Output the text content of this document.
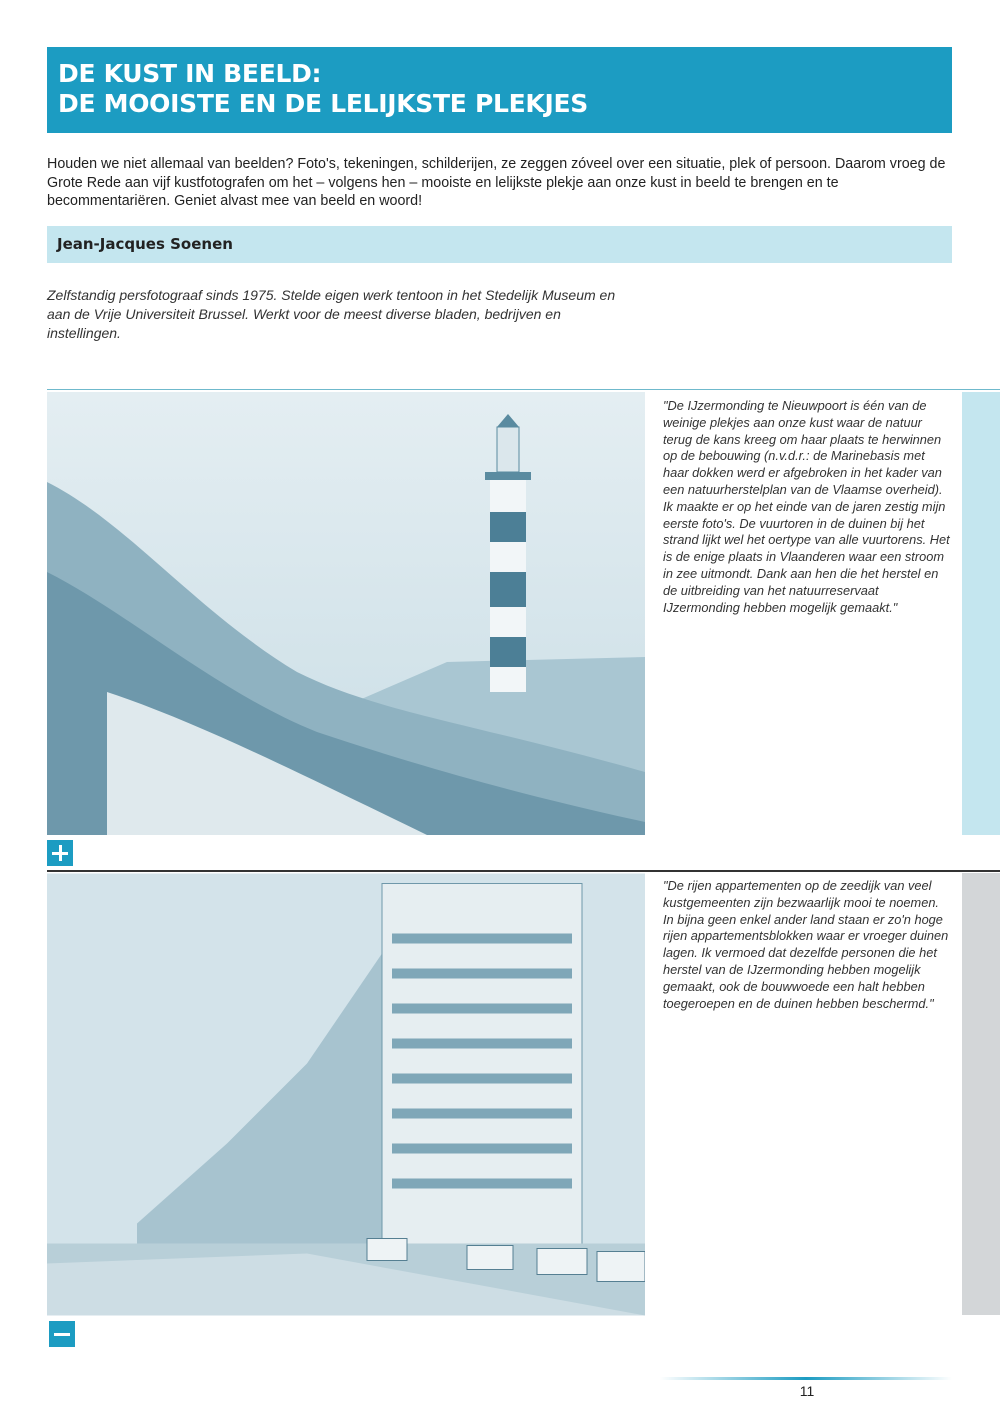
DE KUST IN BEELD:
DE MOOISTE EN DE LELIJKSTE PLEKJES
Houden we niet allemaal van beelden? Foto's, tekeningen, schilderijen, ze zeggen zóveel over een situatie, plek of persoon. Daarom vroeg de Grote Rede aan vijf kustfotografen om het – volgens hen – mooiste en lelijkste plekje aan onze kust in beeld te brengen en te becommentariëren. Geniet alvast mee van beeld en woord!
Jean-Jacques Soenen
Zelfstandig persfotograaf sinds 1975. Stelde eigen werk tentoon in het Stedelijk Museum en aan de Vrije Universiteit Brussel. Werkt voor de meest diverse bladen, bedrijven en instellingen.
"De IJzermonding te Nieuwpoort is één van de weinige plekjes aan onze kust waar de natuur terug de kans kreeg om haar plaats te herwinnen op de bebouwing (n.v.d.r.: de Marinebasis met haar dokken werd er afgebroken in het kader van een natuurherstelplan van de Vlaamse overheid). Ik maakte er op het einde van de jaren zestig mijn eerste foto's. De vuurtoren in de duinen bij het strand lijkt wel het oertype van alle vuurtorens. Het is de enige plaats in Vlaanderen waar een stroom in zee uitmondt. Dank aan hen die het herstel en de uitbreiding van het natuurreservaat IJzermonding hebben mogelijk gemaakt."
"De rijen appartementen op de zeedijk van veel kustgemeenten zijn bezwaarlijk mooi te noemen. In bijna geen enkel ander land staan er zo'n hoge rijen appartementsblokken waar er vroeger duinen lagen. Ik vermoed dat dezelfde personen die het herstel van de IJzermonding hebben mogelijk gemaakt, ook de bouwwoede een halt hebben toegeroepen en de duinen hebben beschermd."
11
